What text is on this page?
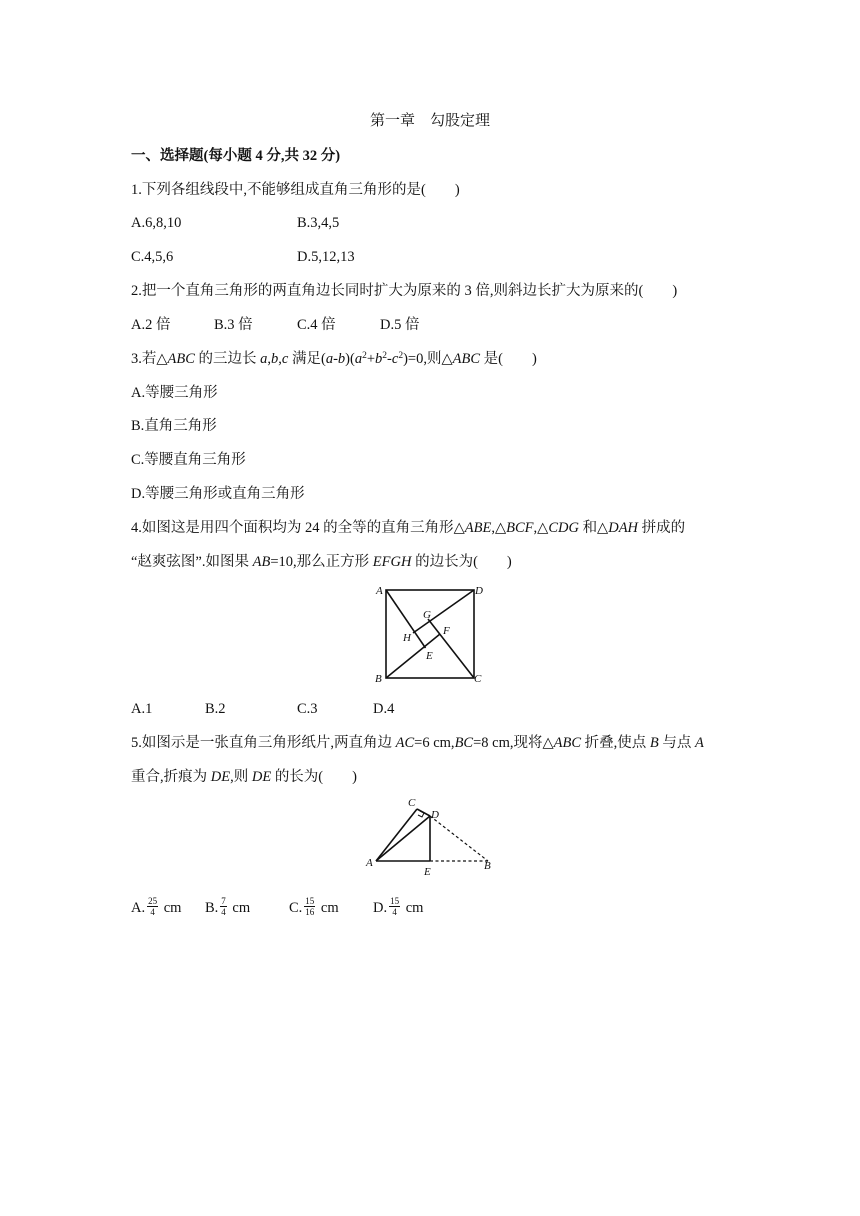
第一章　勾股定理
一、选择题(每小题 4 分,共 32 分)
1.下列各组线段中,不能够组成直角三角形的是(　　)
A.6,8,10	B.3,4,5
C.4,5,6	D.5,12,13
2.把一个直角三角形的两直角边长同时扩大为原来的 3 倍,则斜边长扩大为原来的(　　)
A.2 倍	B.3 倍	C.4 倍	D.5 倍
3.若△ABC 的三边长 a,b,c 满足$(a-b)(a^2+b^2-c^2)=0$,则△ABC 是(　　)
A.等腰三角形
B.直角三角形
C.等腰直角三角形
D.等腰三角形或直角三角形
4.如图这是用四个面积均为 24 的全等的直角三角形△ABE,△BCF,△CDG 和△DAH 拼成的
“赵爽弦图”.如图果 AB=10,那么正方形 EFGH 的边长为(　　)
A	D
B	C
G
H
F
E
A.1	B.2	C.3	D.4
5.如图示是一张直角三角形纸片,两直角边 AC=6 cm,BC=8 cm,现将△ABC 折叠,使点 B 与点 A
重合,折痕为 DE,则 DE 的长为(　　)
C
D
A
E	B
A. $\frac{25}{4}$ cm B. $\frac{7}{4}$ cm	C. $\frac{15}{16}$ cm D. $\frac{15}{4}$ cm
